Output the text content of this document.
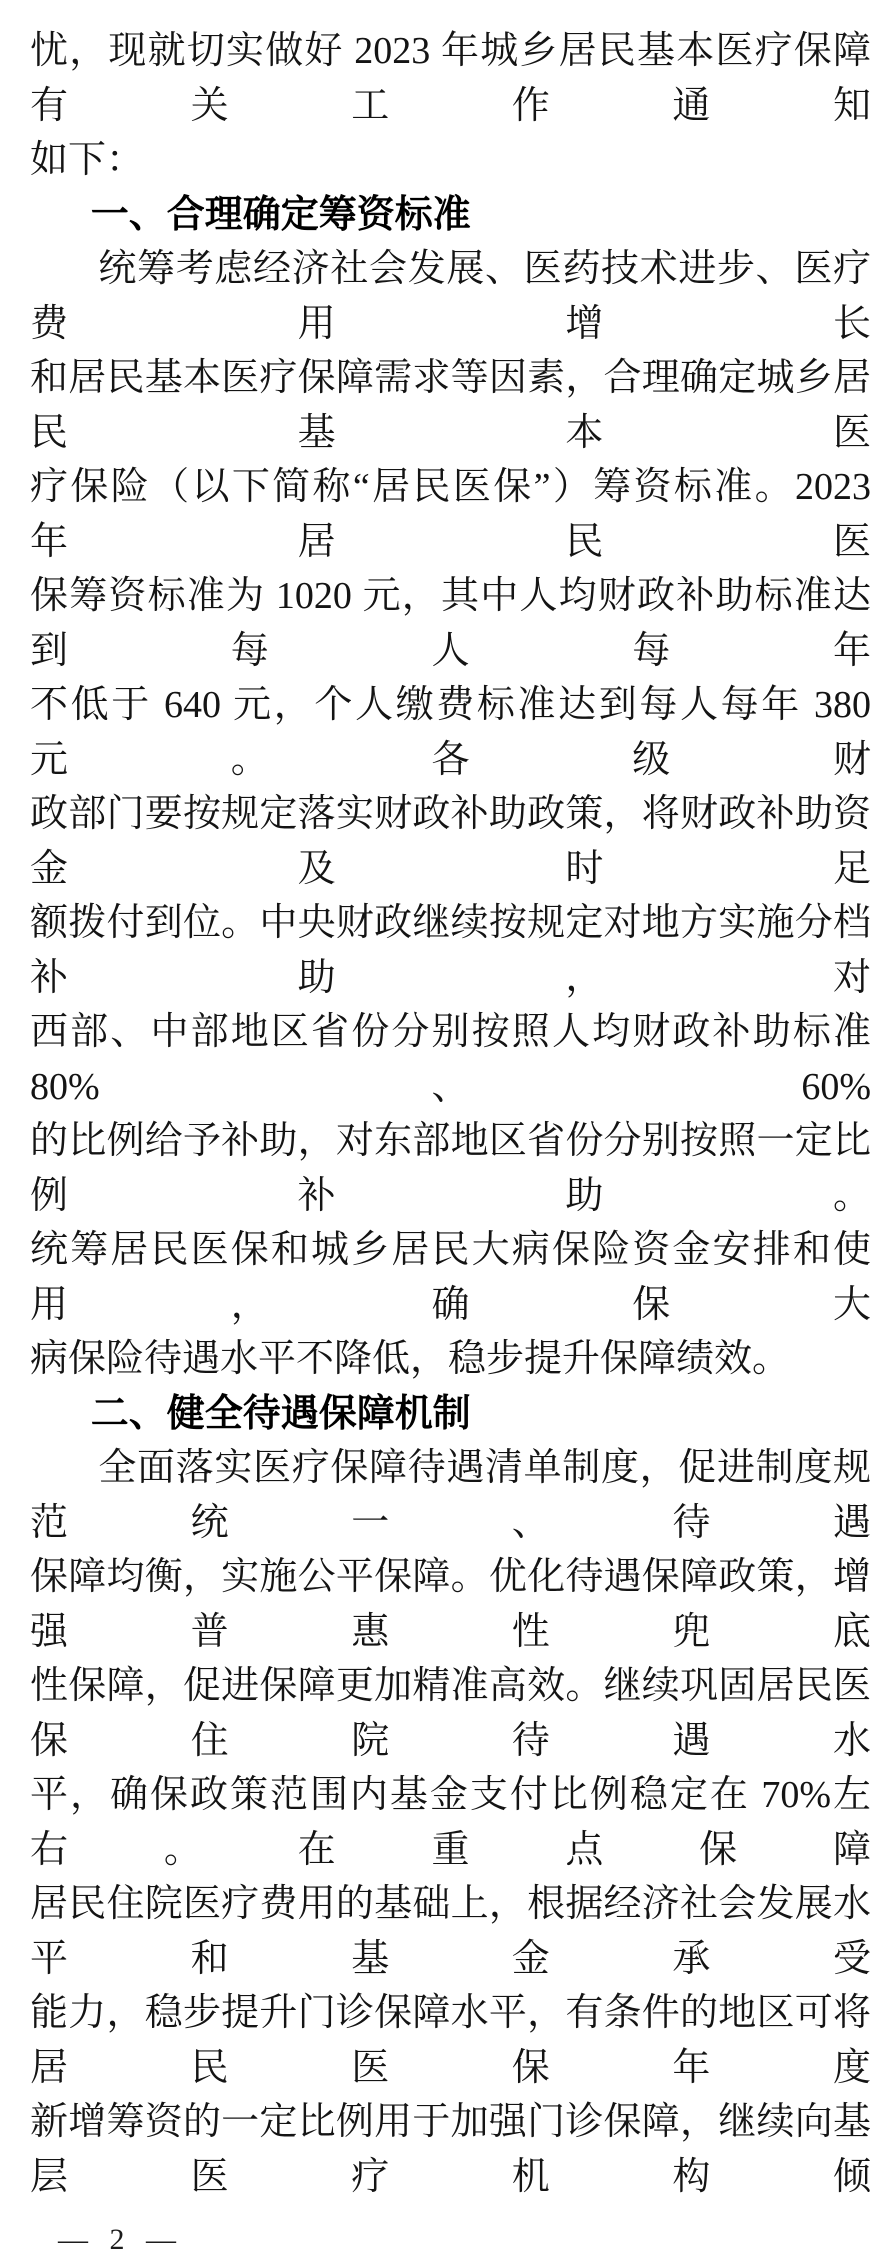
忧，现就切实做好 2023 年城乡居民基本医疗保障有关工作通知
如下：
一、合理确定筹资标准
统筹考虑经济社会发展、医药技术进步、医疗费用增长
和居民基本医疗保障需求等因素，合理确定城乡居民基本医
疗保险（以下简称“居民医保”）筹资标准。2023 年居民医
保筹资标准为 1020 元，其中人均财政补助标准达到每人每年
不低于 640 元，个人缴费标准达到每人每年 380 元。各级财
政部门要按规定落实财政补助政策，将财政补助资金及时足
额拨付到位。中央财政继续按规定对地方实施分档补助，对
西部、中部地区省份分别按照人均财政补助标准 80%、60%
的比例给予补助，对东部地区省份分别按照一定比例补助。
统筹居民医保和城乡居民大病保险资金安排和使用，确保大
病保险待遇水平不降低，稳步提升保障绩效。
二、健全待遇保障机制
全面落实医疗保障待遇清单制度，促进制度规范统一、待遇
保障均衡，实施公平保障。优化待遇保障政策，增强普惠性兜底
性保障，促进保障更加精准高效。继续巩固居民医保住院待遇水
平，确保政策范围内基金支付比例稳定在 70%左右。在重点保障
居民住院医疗费用的基础上，根据经济社会发展水平和基金承受
能力，稳步提升门诊保障水平，有条件的地区可将居民医保年度
新增筹资的一定比例用于加强门诊保障，继续向基层医疗机构倾
— 2 —
